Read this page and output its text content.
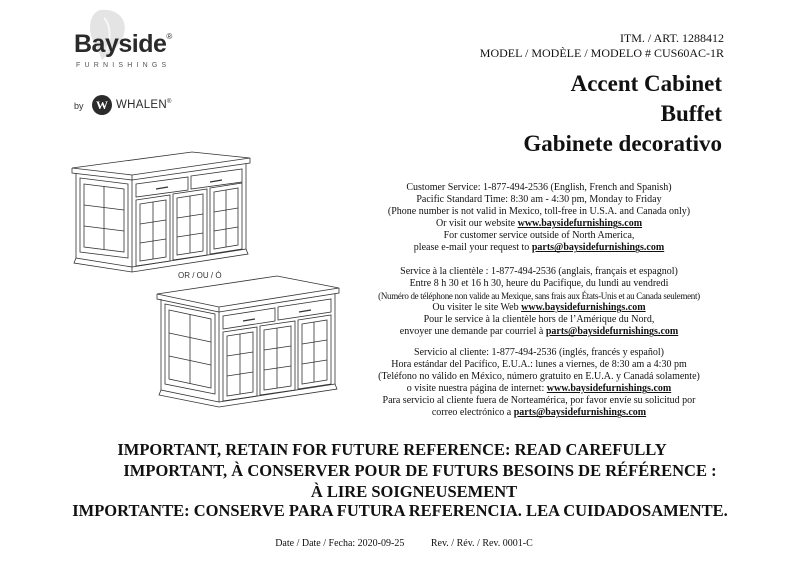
Bayside®
FURNISHINGS
by	W WHALEN®
ITM. / ART. 1288412
MODEL / MODÈLE / MODELO # CUS60AC-1R
Accent Cabinet
Buffet
Gabinete decorativo
OR / OU / Ó
Customer Service: 1-877-494-2536 (English, French and Spanish)
Pacific Standard Time: 8:30 am - 4:30 pm, Monday to Friday
(Phone number is not valid in Mexico, toll-free in U.S.A. and Canada only)
Or visit our website www.baysidefurnishings.com
For customer service outside of North America,
please e-mail your request to parts@baysidefurnishings.com
Service à la clientèle : 1-877-494-2536 (anglais, français et espagnol)
Entre 8 h 30 et 16 h 30, heure du Pacifique, du lundi au vendredi
(Numéro de téléphone non valide au Mexique, sans frais aux États-Unis et au Canada seulement)
Ou visiter le site Web www.baysidefurnishings.com
Pour le service à la clientèle hors de l’Amérique du Nord,
envoyer une demande par courriel à parts@baysidefurnishings.com
Servicio al cliente: 1-877-494-2536 (inglés, francés y español)
Hora estándar del Pacífico, E.U.A.: lunes a viernes, de 8:30 am a 4:30 pm
(Teléfono no válido en México, número gratuito en E.U.A. y Canadá solamente)
o visite nuestra página de internet: www.baysidefurnishings.com
Para servicio al cliente fuera de Norteamérica, por favor envíe su solicitud por
correo electrónico a parts@baysidefurnishings.com
IMPORTANT, RETAIN FOR FUTURE REFERENCE: READ CAREFULLY
IMPORTANT, À CONSERVER POUR DE FUTURS BESOINS DE RÉFÉRENCE :
À LIRE SOIGNEUSEMENT
IMPORTANTE: CONSERVE PARA FUTURA REFERENCIA. LEA CUIDADOSAMENTE.
Date / Date / Fecha: 2020-09-25	Rev. / Rév. / Rev. 0001-C
